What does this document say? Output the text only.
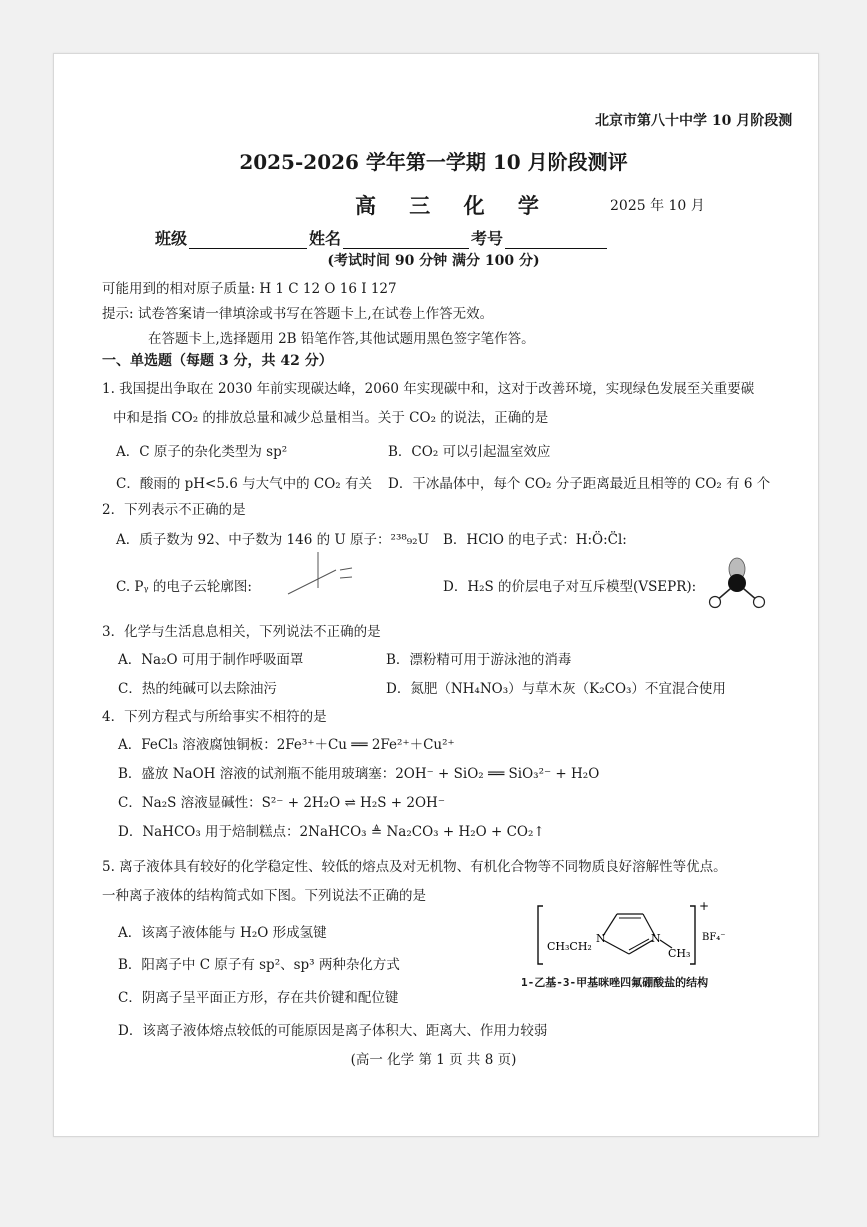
北京市第八十中学 10 月阶段测
2025-2026 学年第一学期 10 月阶段测评
高 三 化 学	2025 年 10 月
班级	姓名	考号
(考试时间 90 分钟 满分 100 分)
可能用到的相对原子质量: H 1 C 12 O 16 I 127
提示: 试卷答案请一律填涂或书写在答题卡上,在试卷上作答无效。
在答题卡上,选择题用 2B 铅笔作答,其他试题用黑色签字笔作答。
一、单选题（每题 3 分，共 42 分）
1. 我国提出争取在 2030 年前实现碳达峰，2060 年实现碳中和，这对于改善环境，实现绿色发展至关重要碳
中和是指 CO₂ 的排放总量和减少总量相当。关于 CO₂ 的说法，正确的是
A．C 原子的杂化类型为 sp²	B．CO₂ 可以引起温室效应
C．酸雨的 pH<5.6 与大气中的 CO₂ 有关 D．干冰晶体中，每个 CO₂ 分子距离最近且相等的 CO₂ 有 6 个
2．下列表示不正确的是
A．质子数为 92、中子数为 146 的 U 原子：²³⁸₉₂U B．HClO 的电子式：H:Ö:C̈l:
C. Pᵧ 的电子云轮廓图:	D．H₂S 的价层电子对互斥模型(VSEPR):
3．化学与生活息息相关，下列说法不正确的是
A．Na₂O 可用于制作呼吸面罩	B．漂粉精可用于游泳池的消毒
C．热的纯碱可以去除油污	D．氮肥（NH₄NO₃）与草木灰（K₂CO₃）不宜混合使用
4．下列方程式与所给事实不相符的是
A．FeCl₃ 溶液腐蚀铜板：2Fe³⁺＋Cu ══ 2Fe²⁺＋Cu²⁺
B．盛放 NaOH 溶液的试剂瓶不能用玻璃塞：2OH⁻ + SiO₂ ══ SiO₃²⁻ + H₂O
C．Na₂S 溶液显碱性：S²⁻ + 2H₂O ⇌ H₂S + 2OH⁻
D．NaHCO₃ 用于焙制糕点：2NaHCO₃ ≜ Na₂CO₃ + H₂O + CO₂↑
5. 离子液体具有较好的化学稳定性、较低的熔点及对无机物、有机化合物等不同物质良好溶解性等优点。
一种离子液体的结构简式如下图。下列说法不正确的是
A．该离子液体能与 H₂O 形成氢键
B．阳离子中 C 原子有 sp²、sp³ 两种杂化方式
C．阴离子呈平面正方形，存在共价键和配位键
D．该离子液体熔点较低的可能原因是离子体积大、距离大、作用力较弱
N	N
CH₃CH₂
CH₃
+
BF₄⁻
1-乙基-3-甲基咪唑四氟硼酸盐的结构
(高一 化学 第 1 页 共 8 页)
